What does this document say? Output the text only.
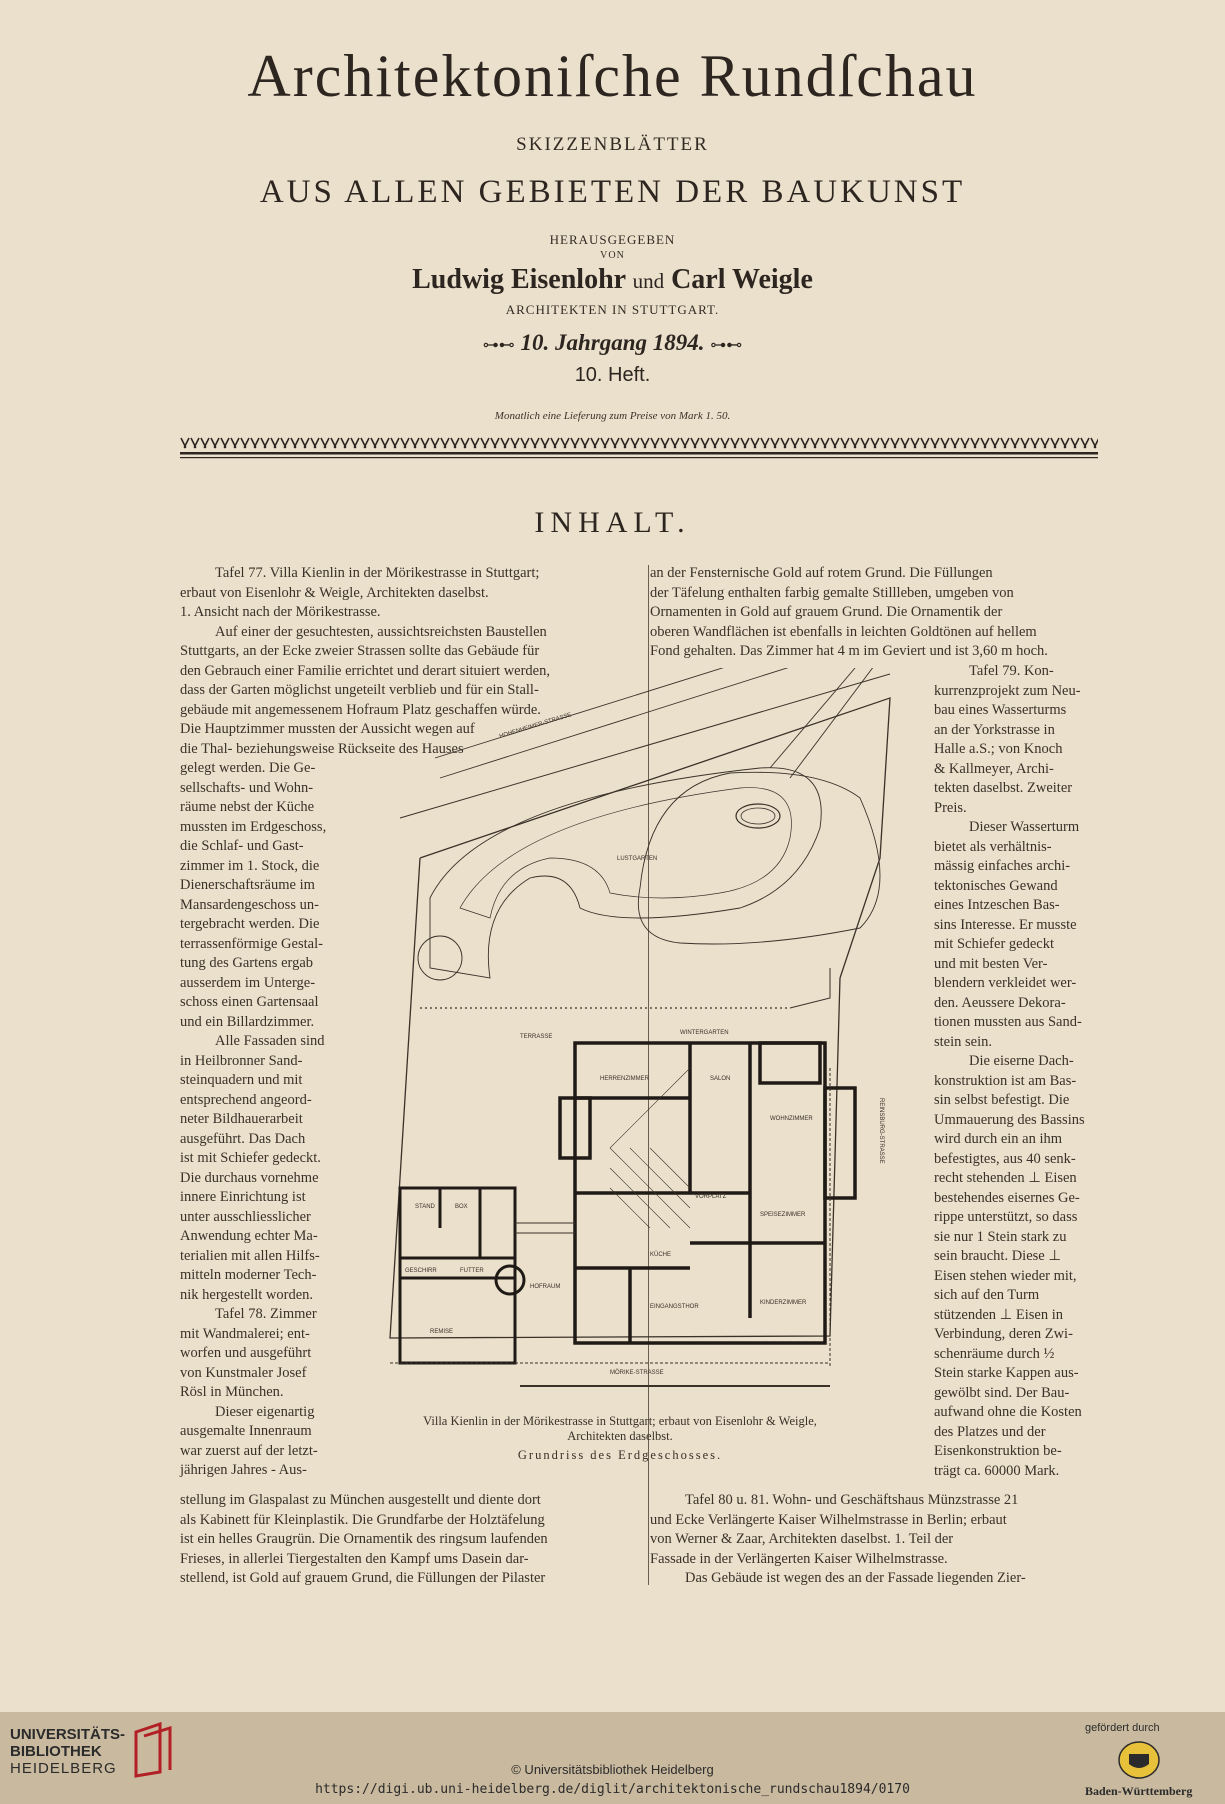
Architektoniſche Rundſchau
SKIZZENBLÄTTER
AUS ALLEN GEBIETEN DER BAUKUNST
HERAUSGEGEBEN
VON
Ludwig Eisenlohr und Carl Weigle
ARCHITEKTEN IN STUTTGART.
⊶⊷ 10. Jahrgang 1894. ⊶⊷
10. Heft.
Monatlich eine Lieferung zum Preise von Mark 1. 50.
INHALT.
Tafel 77. Villa Kienlin in der Mörikestrasse in Stuttgart;
erbaut von Eisenlohr & Weigle, Architekten daselbst.
1. Ansicht nach der Mörikestrasse.
Auf einer der gesuchtesten, aussichtsreichsten Baustellen
Stuttgarts, an der Ecke zweier Strassen sollte das Gebäude für
den Gebrauch einer Familie errichtet und derart situiert werden,
dass der Garten möglichst ungeteilt verblieb und für ein Stall-
gebäude mit angemessenem Hofraum Platz geschaffen würde.
Die Hauptzimmer mussten der Aussicht wegen auf
die Thal- beziehungsweise Rückseite des Hauses
gelegt werden. Die Ge-
sellschafts- und Wohn-
räume nebst der Küche
mussten im Erdgeschoss,
die Schlaf- und Gast-
zimmer im 1. Stock, die
Dienerschaftsräume im
Mansardengeschoss un-
tergebracht werden. Die
terrassenförmige Gestal-
tung des Gartens ergab
ausserdem im Unterge-
schoss einen Gartensaal
und ein Billardzimmer.
Alle Fassaden sind
in Heilbronner Sand-
steinquadern und mit
entsprechend angeord-
neter Bildhauerarbeit
ausgeführt. Das Dach
ist mit Schiefer gedeckt.
Die durchaus vornehme
innere Einrichtung ist
unter ausschliesslicher
Anwendung echter Ma-
terialien mit allen Hilfs-
mitteln moderner Tech-
nik hergestellt worden.
Tafel 78. Zimmer
mit Wandmalerei; ent-
worfen und ausgeführt
von Kunstmaler Josef
Rösl in München.
Dieser eigenartig
ausgemalte Innenraum
war zuerst auf der letzt-
jährigen Jahres - Aus-
stellung im Glaspalast zu München ausgestellt und diente dort
als Kabinett für Kleinplastik. Die Grundfarbe der Holztäfelung
ist ein helles Graugrün. Die Ornamentik des ringsum laufenden
Frieses, in allerlei Tiergestalten den Kampf ums Dasein dar-
stellend, ist Gold auf grauem Grund, die Füllungen der Pilaster
an der Fensternische Gold auf rotem Grund. Die Füllungen
der Täfelung enthalten farbig gemalte Stillleben, umgeben von
Ornamenten in Gold auf grauem Grund. Die Ornamentik der
oberen Wandflächen ist ebenfalls in leichten Goldtönen auf hellem
Fond gehalten. Das Zimmer hat 4 m im Geviert und ist 3,60 m hoch.
Tafel 79. Kon-
kurrenzprojekt zum Neu-
bau eines Wasserturms
an der Yorkstrasse in
Halle a.S.; von Knoch
& Kallmeyer, Archi-
tekten daselbst. Zweiter
Preis.
Dieser Wasserturm
bietet als verhältnis-
mässig einfaches archi-
tektonisches Gewand
eines Intzeschen Bas-
sins Interesse. Er musste
mit Schiefer gedeckt
und mit besten Ver-
blendern verkleidet wer-
den. Aeussere Dekora-
tionen mussten aus Sand-
stein sein.
Die eiserne Dach-
konstruktion ist am Bas-
sin selbst befestigt. Die
Ummauerung des Bassins
wird durch ein an ihm
befestigtes, aus 40 senk-
recht stehenden ⊥ Eisen
bestehendes eisernes Ge-
rippe unterstützt, so dass
sie nur 1 Stein stark zu
sein braucht. Diese ⊥
Eisen stehen wieder mit,
sich auf den Turm
stützenden ⊥ Eisen in
Verbindung, deren Zwi-
schenräume durch ½
Stein starke Kappen aus-
gewölbt sind. Der Bau-
aufwand ohne die Kosten
des Platzes und der
Eisenkonstruktion be-
trägt ca. 60000 Mark.
Tafel 80 u. 81. Wohn- und Geschäftshaus Münzstrasse 21
und Ecke Verlängerte Kaiser Wilhelmstrasse in Berlin; erbaut
von Werner & Zaar, Architekten daselbst. 1. Teil der
Fassade in der Verlängerten Kaiser Wilhelmstrasse.
Das Gebäude ist wegen des an der Fassade liegenden Zier-
HOHENHEIMER-STRASSE
LUSTGARTEN
TERRASSE
WINTERGARTEN
HERRENZIMMER	SALON
WOHNZIMMER
SPEISEZIMMER
VORPLATZ
KÜCHE
KINDERZIMMER
EINGANGSTHOR
HOFRAUM
STAND	BOX
GESCHIRR	FUTTER
REMISE
MÖRIKE-STRASSE
REINSBURG-STRASSE
Villa Kienlin in der Mörikestrasse in Stuttgart; erbaut von Eisenlohr & Weigle,
Architekten daselbst.
Grundriss des Erdgeschosses.
UNIVERSITÄTS-
BIBLIOTHEK
HEIDELBERG	© Universitätsbibliothek Heidelberg
https://digi.ub.uni-heidelberg.de/diglit/architektonische_rundschau1894/0170
gefördert durch
Baden-Württemberg
